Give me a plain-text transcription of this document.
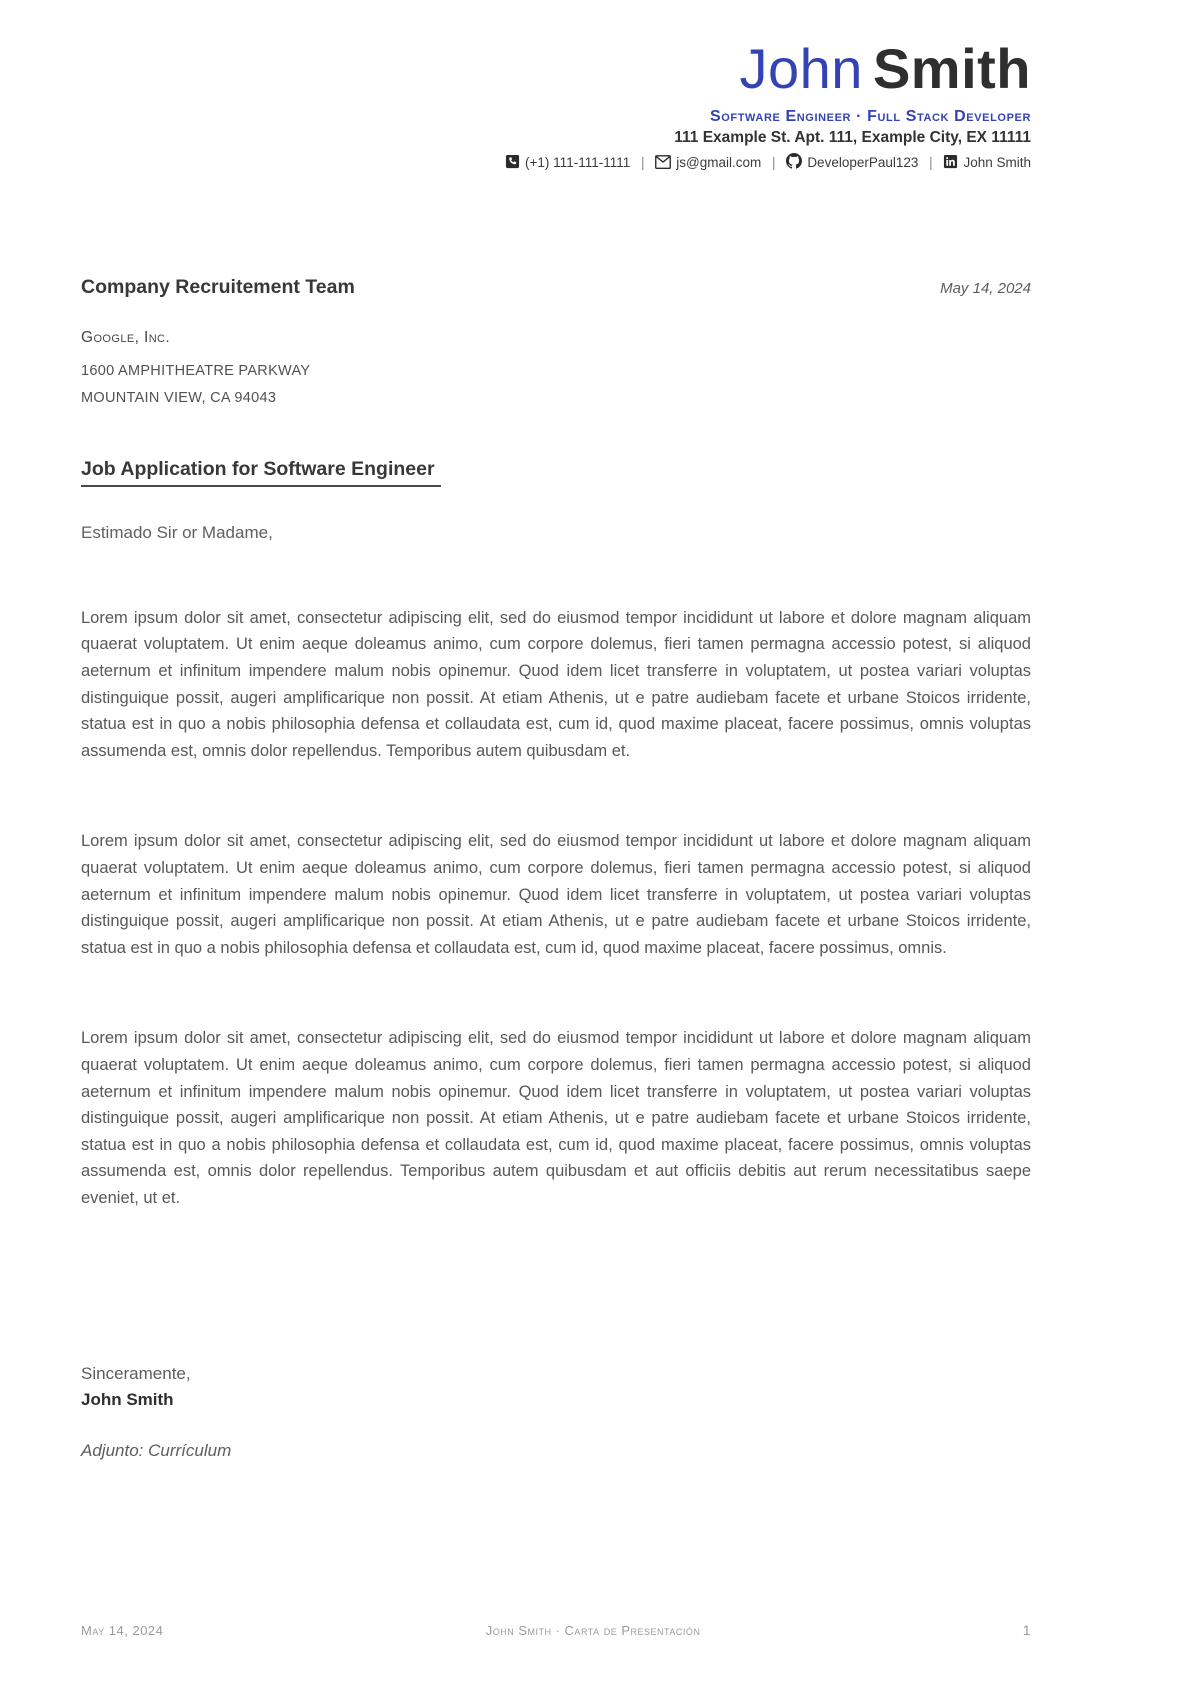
John Smith
Software Engineer · Full Stack Developer
111 Example St. Apt. 111, Example City, EX 11111
(+1) 111-111-1111 | js@gmail.com | DeveloperPaul123 | John Smith
Company Recruitement Team	May 14, 2024
Google, Inc.
1600 AMPHITHEATRE PARKWAY
MOUNTAIN VIEW, CA 94043
Job Application for Software Engineer
Estimado Sir or Madame,

Lorem ipsum dolor sit amet, consectetur adipiscing elit, sed do eiusmod tempor incididunt ut labore et dolore magnam aliquam quaerat voluptatem. Ut enim aeque doleamus animo, cum corpore dolemus, fieri tamen permagna accessio potest, si aliquod aeternum et infinitum impendere malum nobis opinemur. Quod idem licet transferre in voluptatem, ut postea variari voluptas distinguique possit, augeri amplificarique non possit. At etiam Athenis, ut e patre audiebam facete et urbane Stoicos irridente, statua est in quo a nobis philosophia defensa et collaudata est, cum id, quod maxime placeat, facere possimus, omnis voluptas assumenda est, omnis dolor repellendus. Temporibus autem quibusdam et.

Lorem ipsum dolor sit amet, consectetur adipiscing elit, sed do eiusmod tempor incididunt ut labore et dolore magnam aliquam quaerat voluptatem. Ut enim aeque doleamus animo, cum corpore dolemus, fieri tamen permagna accessio potest, si aliquod aeternum et infinitum impendere malum nobis opinemur. Quod idem licet transferre in voluptatem, ut postea variari voluptas distinguique possit, augeri amplificarique non possit. At etiam Athenis, ut e patre audiebam facete et urbane Stoicos irridente, statua est in quo a nobis philosophia defensa et collaudata est, cum id, quod maxime placeat, facere possimus, omnis.

Lorem ipsum dolor sit amet, consectetur adipiscing elit, sed do eiusmod tempor incididunt ut labore et dolore magnam aliquam quaerat voluptatem. Ut enim aeque doleamus animo, cum corpore dolemus, fieri tamen permagna accessio potest, si aliquod aeternum et infinitum impendere malum nobis opinemur. Quod idem licet transferre in voluptatem, ut postea variari voluptas distinguique possit, augeri amplificarique non possit. At etiam Athenis, ut e patre audiebam facete et urbane Stoicos irridente, statua est in quo a nobis philosophia defensa et collaudata est, cum id, quod maxime placeat, facere possimus, omnis voluptas assumenda est, omnis dolor repellendus. Temporibus autem quibusdam et aut officiis debitis aut rerum necessitatibus saepe eveniet, ut et.

Sinceramente,
John Smith
Adjunto: Currículum
May 14, 2024	John Smith · Carta de Presentación	1
